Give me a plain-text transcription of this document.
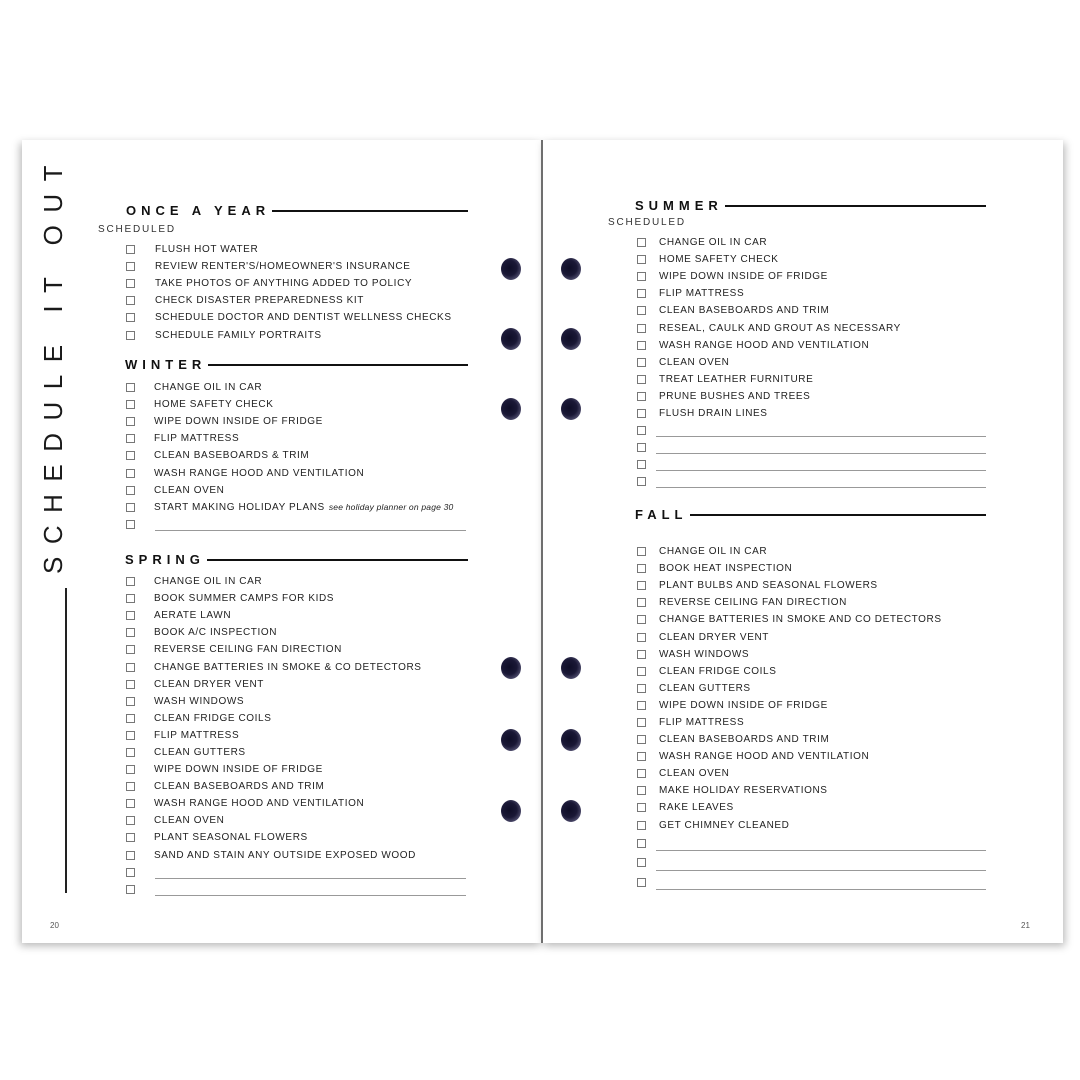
SCHEDULE IT OUT	ONCE A YEAR
SCHEDULED
FLUSH HOT WATER
REVIEW RENTER'S/HOMEOWNER'S INSURANCE
TAKE PHOTOS OF ANYTHING ADDED TO POLICY
CHECK DISASTER PREPAREDNESS KIT
SCHEDULE DOCTOR AND DENTIST WELLNESS CHECKS
SCHEDULE FAMILY PORTRAITS
WINTER
CHANGE OIL IN CAR
HOME SAFETY CHECK
WIPE DOWN INSIDE OF FRIDGE
FLIP MATTRESS
CLEAN BASEBOARDS & TRIM
WASH RANGE HOOD AND VENTILATION
CLEAN OVEN
START MAKING HOLIDAY PLANS see holiday planner on page 30
SPRING
CHANGE OIL IN CAR
BOOK SUMMER CAMPS FOR KIDS
AERATE LAWN
BOOK A/C INSPECTION
REVERSE CEILING FAN DIRECTION
CHANGE BATTERIES IN SMOKE & CO DETECTORS
CLEAN DRYER VENT
WASH WINDOWS
CLEAN FRIDGE COILS
FLIP MATTRESS
CLEAN GUTTERS
WIPE DOWN INSIDE OF FRIDGE
CLEAN BASEBOARDS AND TRIM
WASH RANGE HOOD AND VENTILATION
CLEAN OVEN
PLANT SEASONAL FLOWERS
SAND AND STAIN ANY OUTSIDE EXPOSED WOOD
SUMMER
SCHEDULED
CHANGE OIL IN CAR
HOME SAFETY CHECK
WIPE DOWN INSIDE OF FRIDGE
FLIP MATTRESS
CLEAN BASEBOARDS AND TRIM
RESEAL, CAULK AND GROUT AS NECESSARY
WASH RANGE HOOD AND VENTILATION
CLEAN OVEN
TREAT LEATHER FURNITURE
PRUNE BUSHES AND TREES
FLUSH DRAIN LINES
FALL
CHANGE OIL IN CAR
BOOK HEAT INSPECTION
PLANT BULBS AND SEASONAL FLOWERS
REVERSE CEILING FAN DIRECTION
CHANGE BATTERIES IN SMOKE AND CO DETECTORS
CLEAN DRYER VENT
WASH WINDOWS
CLEAN FRIDGE COILS
CLEAN GUTTERS
WIPE DOWN INSIDE OF FRIDGE
FLIP MATTRESS
CLEAN BASEBOARDS AND TRIM
WASH RANGE HOOD AND VENTILATION
CLEAN OVEN
MAKE HOLIDAY RESERVATIONS
RAKE LEAVES
GET CHIMNEY CLEANED
20	21
